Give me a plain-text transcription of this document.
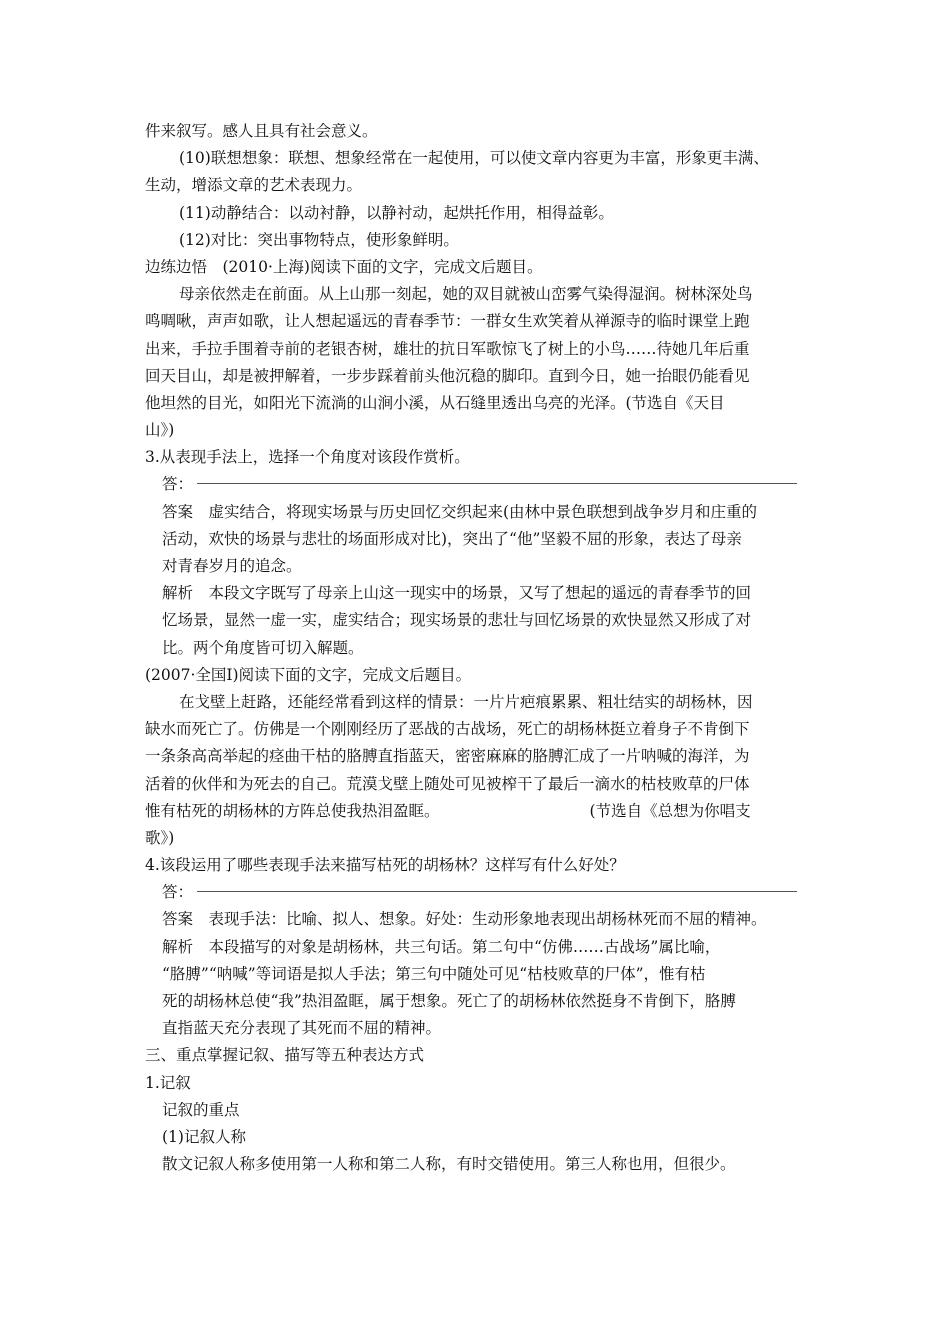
件来叙写。感人且具有社会意义。
(10)联想想象：联想、想象经常在一起使用，可以使文章内容更为丰富，形象更丰满、
生动，增添文章的艺术表现力。
(11)动静结合：以动衬静，以静衬动，起烘托作用，相得益彰。
(12)对比：突出事物特点，使形象鲜明。
边练边悟　(2010·上海)阅读下面的文字，完成文后题目。
母亲依然走在前面。从上山那一刻起，她的双目就被山峦雾气染得湿润。树林深处鸟
鸣啁啾，声声如歌，让人想起遥远的青春季节：一群女生欢笑着从禅源寺的临时课堂上跑
出来，手拉手围着寺前的老银杏树，雄壮的抗日军歌惊飞了树上的小鸟……待她几年后重
回天目山，却是被押解着，一步步踩着前头他沉稳的脚印。直到今日，她一抬眼仍能看见
他坦然的目光，如阳光下流淌的山涧小溪，从石缝里透出乌亮的光泽。(节选自《天目
山》)
3.从表现手法上，选择一个角度对该段作赏析。
答：
答案　虚实结合，将现实场景与历史回忆交织起来(由林中景色联想到战争岁月和庄重的
活动，欢快的场景与悲壮的场面形成对比)，突出了“他”坚毅不屈的形象，表达了母亲
对青春岁月的追念。
解析　本段文字既写了母亲上山这一现实中的场景，又写了想起的遥远的青春季节的回
忆场景，显然一虚一实，虚实结合；现实场景的悲壮与回忆场景的欢快显然又形成了对
比。两个角度皆可切入解题。
(2007·全国Ⅰ)阅读下面的文字，完成文后题目。
在戈壁上赶路，还能经常看到这样的情景：一片片疤痕累累、粗壮结实的胡杨林，因
缺水而死亡了。仿佛是一个刚刚经历了恶战的古战场，死亡的胡杨林挺立着身子不肯倒下
一条条高高举起的痉曲干枯的胳膊直指蓝天，密密麻麻的胳膊汇成了一片呐喊的海洋，为
活着的伙伴和为死去的自己。荒漠戈壁上随处可见被榨干了最后一滴水的枯枝败草的尸体
惟有枯死的胡杨林的方阵总使我热泪盈眶。	(节选自《总想为你唱支
歌》)
4.该段运用了哪些表现手法来描写枯死的胡杨林？这样写有什么好处？
答：
答案　表现手法：比喻、拟人、想象。好处：生动形象地表现出胡杨林死而不屈的精神。
解析　本段描写的对象是胡杨林，共三句话。第二句中“仿佛……古战场”属比喻，
“胳膊”“呐喊”等词语是拟人手法；第三句中随处可见“枯枝败草的尸体”，惟有枯
死的胡杨林总使“我”热泪盈眶，属于想象。死亡了的胡杨林依然挺身不肯倒下，胳膊
直指蓝天充分表现了其死而不屈的精神。
三、重点掌握记叙、描写等五种表达方式
1.记叙
记叙的重点
(1)记叙人称
散文记叙人称多使用第一人称和第二人称，有时交错使用。第三人称也用，但很少。
